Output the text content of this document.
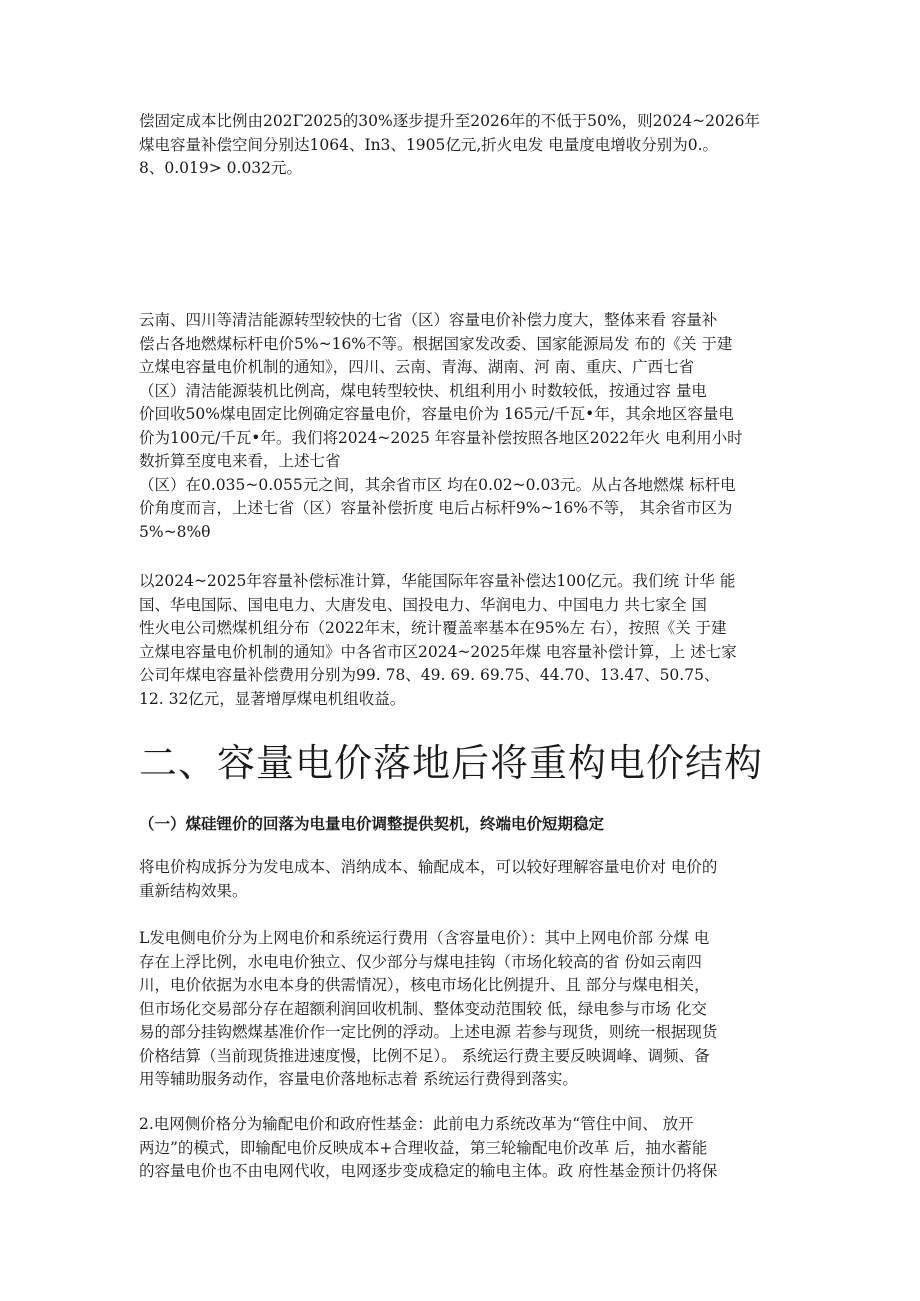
偿固定成本比例由202Γ2025的30%逐步提升至2026年的不低于50%，则2024~2026年
煤电容量补偿空间分别达1064、In3、1905亿元,折火电发 电量度电增收分别为0.。
8、0.019> 0.032元。

云南、四川等清洁能源转型较快的七省（区）容量电价补偿力度大，整体来看 容量补
偿占各地燃煤标杆电价5%~16%不等。根据国家发改委、国家能源局发 布的《关 于建
立煤电容量电价机制的通知》，四川、云南、青海、湖南、河 南、重庆、广西七省
（区）清洁能源装机比例高，煤电转型较快、机组利用小 时数较低，按通过容 量电
价回收50%煤电固定比例确定容量电价，容量电价为 165元/千瓦•年，其余地区容量电
价为100元/千瓦•年。我们将2024~2025 年容量补偿按照各地区2022年火 电利用小时
数折算至度电来看，上述七省
（区）在0.035~0.055元之间，其余省市区 均在0.02~0.03元。从占各地燃煤 标杆电
价角度而言，上述七省（区）容量补偿折度 电后占标杆9%~16%不等， 其余省市区为
5%~8%θ

以2024~2025年容量补偿标准计算，华能国际年容量补偿达100亿元。我们统 计华 能
国、华电国际、国电电力、大唐发电、国投电力、华润电力、中国电力 共七家全 国
性火电公司燃煤机组分布（2022年末，统计覆盖率基本在95%左 右），按照《关 于建
立煤电容量电价机制的通知》中各省市区2024~2025年煤 电容量补偿计算，上 述七家
公司年煤电容量补偿费用分别为99. 78、49. 69. 69.75、44.70、13.47、50.75、
12. 32亿元，显著增厚煤电机组收益。

二、容量电价落地后将重构电价结构
（一）煤硅锂价的回落为电量电价调整提供契机，终端电价短期稳定

将电价构成拆分为发电成本、消纳成本、输配成本，可以较好理解容量电价对 电价的
重新结构效果。

L发电侧电价分为上网电价和系统运行费用（含容量电价）：其中上网电价部 分煤 电
存在上浮比例，水电电价独立、仅少部分与煤电挂钩（市场化较高的省 份如云南四
川，电价依据为水电本身的供需情况），核电市场化比例提升、且 部分与煤电相关，
但市场化交易部分存在超额利润回收机制、整体变动范围较 低，绿电参与市场 化交
易的部分挂钩燃煤基准价作一定比例的浮动。上述电源 若参与现货，则统一根据现货
价格结算（当前现货推进速度慢，比例不足）。 系统运行费主要反映调峰、调频、备
用等辅助服务动作，容量电价落地标志着 系统运行费得到落实。

2.电网侧价格分为输配电价和政府性基金：此前电力系统改革为“管住中间、 放开
两边”的模式，即输配电价反映成本+合理收益，第三轮输配电价改革 后，抽水蓄能
的容量电价也不由电网代收，电网逐步变成稳定的输电主体。政 府性基金预计仍将保
